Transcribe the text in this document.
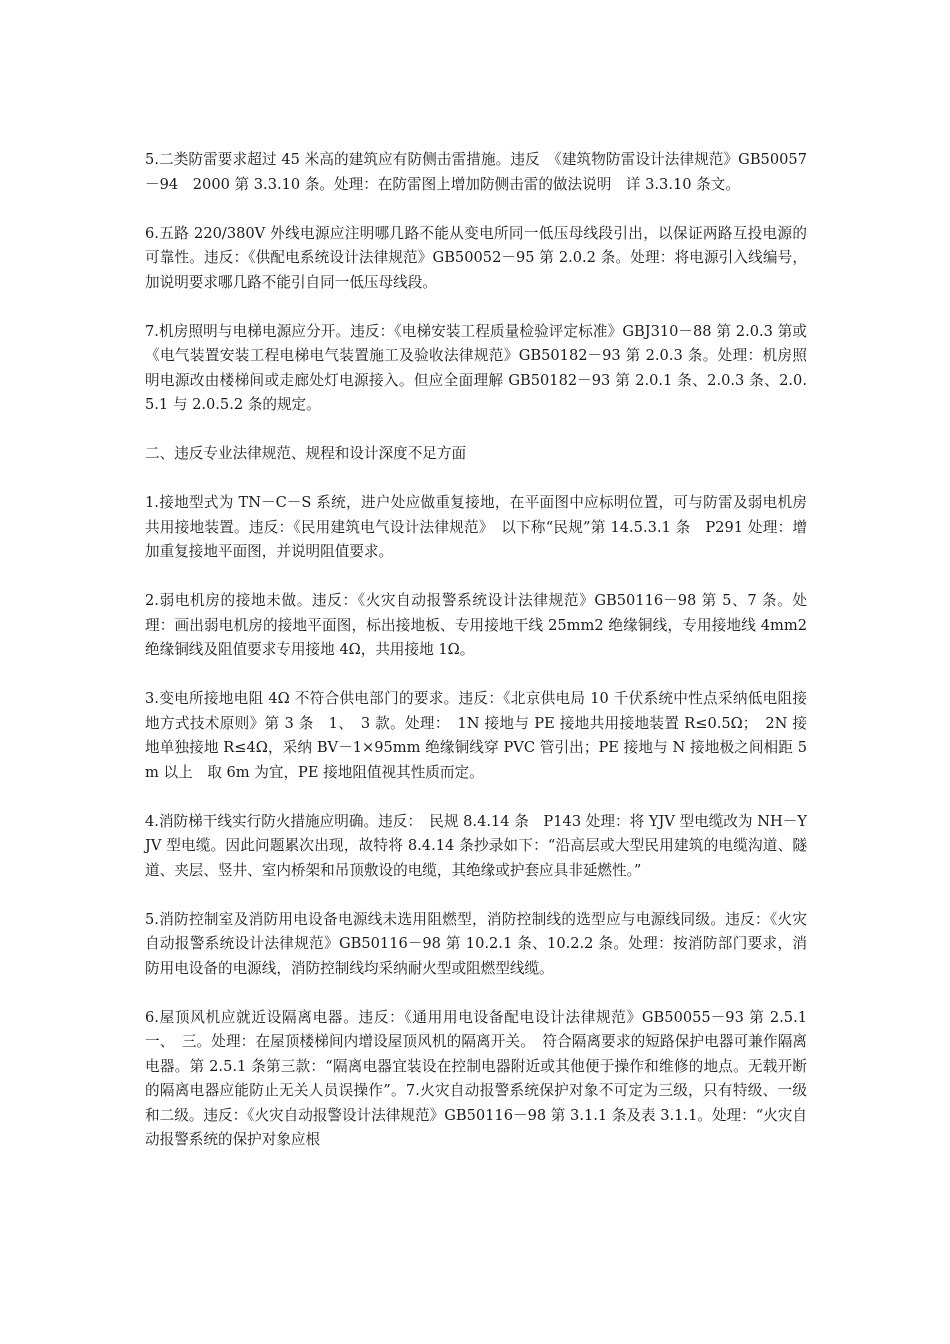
5.二类防雷要求超过 45 米高的建筑应有防侧击雷措施。违反　《建筑物防雷设计法律规范》GB50057－94　2000 第 3.3.10 条。处理：在防雷图上增加防侧击雷的做法说明　详 3.3.10 条文。

6.五路 220/380V 外线电源应注明哪几路不能从变电所同一低压母线段引出，以保证两路互投电源的可靠性。违反：《供配电系统设计法律规范》GB50052－95 第 2.0.2 条。处理：将电源引入线编号，加说明要求哪几路不能引自同一低压母线段。

7.机房照明与电梯电源应分开。违反：《电梯安装工程质量检验评定标准》GBJ310－88 第 2.0.3 第或《电气装置安装工程电梯电气装置施工及验收法律规范》GB50182－93 第 2.0.3 条。处理：机房照明电源改由楼梯间或走廊处灯电源接入。但应全面理解 GB50182－93 第 2.0.1 条、2.0.3 条、2.0.5.1 与 2.0.5.2 条的规定。

二、违反专业法律规范、规程和设计深度不足方面

1.接地型式为 TN－C－S 系统，进户处应做重复接地，在平面图中应标明位置，可与防雷及弱电机房共用接地装置。违反：《民用建筑电气设计法律规范》　以下称“民规”第 14.5.3.1 条　P291 处理：增加重复接地平面图，并说明阻值要求。

2.弱电机房的接地未做。违反：《火灾自动报警系统设计法律规范》GB50116－98 第 5、7 条。处理：画出弱电机房的接地平面图，标出接地板、专用接地干线 25mm2 绝缘铜线，专用接地线 4mm2 绝缘铜线及阻值要求专用接地 4Ω，共用接地 1Ω。

3.变电所接地电阻 4Ω 不符合供电部门的要求。违反：《北京供电局 10 千伏系统中性点采纳低电阻接地方式技术原则》第 3 条　1、　3 款。处理：　1N 接地与 PE 接地共用接地装置 R≤0.5Ω；　2N 接地单独接地 R≤4Ω，采纳 BV－1×95mm 绝缘铜线穿 PVC 管引出；PE 接地与 N 接地极之间相距 5m 以上　取 6m 为宜，PE 接地阻值视其性质而定。

4.消防梯干线实行防火措施应明确。违反：　民规 8.4.14 条　P143 处理：将 YJV 型电缆改为 NH－YJV 型电缆。因此问题累次出现，故特将 8.4.14 条抄录如下：“沿高层或大型民用建筑的电缆沟道、隧道、夹层、竖井、室内桥架和吊顶敷设的电缆，其绝缘或护套应具非延燃性。”

5.消防控制室及消防用电设备电源线未选用阻燃型，消防控制线的选型应与电源线同级。违反：《火灾自动报警系统设计法律规范》GB50116－98 第 10.2.1 条、10.2.2 条。处理：按消防部门要求，消防用电设备的电源线，消防控制线均采纳耐火型或阻燃型线缆。

6.屋顶风机应就近设隔离电器。违反：《通用用电设备配电设计法律规范》GB50055－93 第 2.5.1　一、　三。处理：在屋顶楼梯间内增设屋顶风机的隔离开关。　符合隔离要求的短路保护电器可兼作隔离电器。第 2.5.1 条第三款：“隔离电器宜装设在控制电器附近或其他便于操作和维修的地点。无载开断的隔离电器应能防止无关人员误操作”。7.火灾自动报警系统保护对象不可定为三级，只有特级、一级和二级。违反：《火灾自动报警设计法律规范》GB50116－98 第 3.1.1 条及表 3.1.1。处理：“火灾自动报警系统的保护对象应根
